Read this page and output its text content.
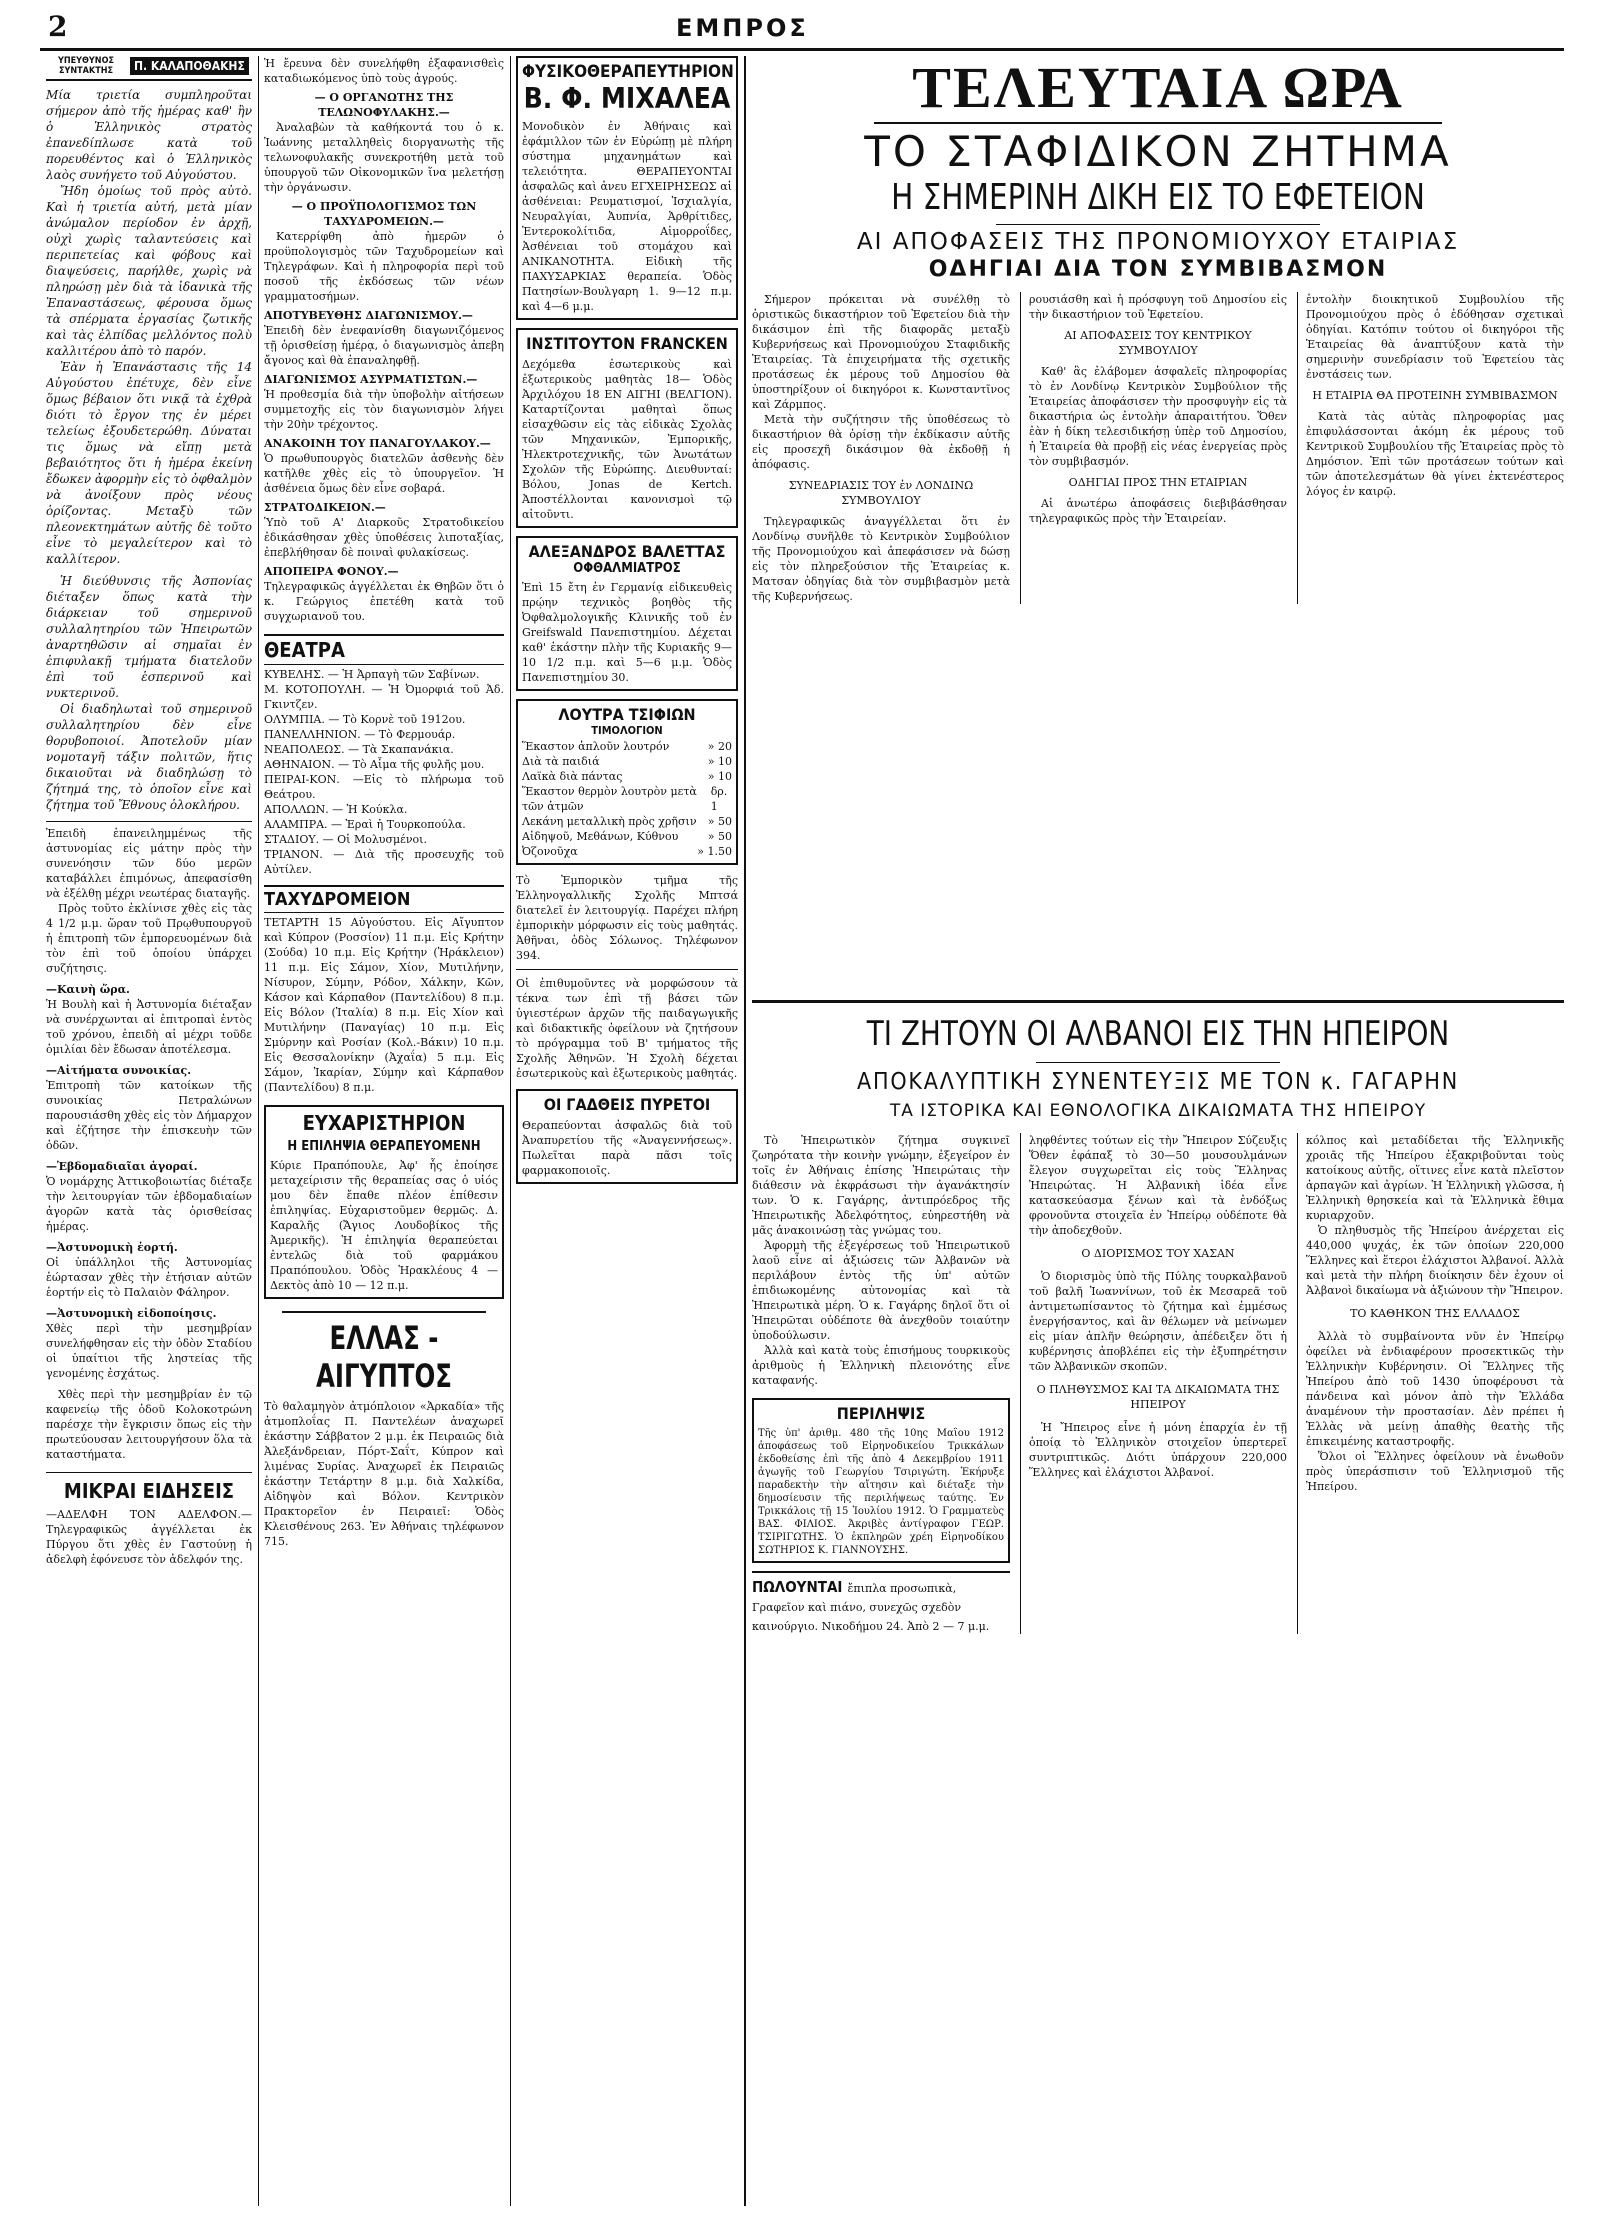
2	ΕΜΠΡΟΣ
ΥΠΕΥΘΥΝΟΣ ΣΥΝΤΑΚΤΗΣ	Π. ΚΑΛΑΠΟΘΑΚΗΣ

Μία τριετία συμπληροῦται σήμερον ἀπὸ τῆς ἡμέρας καθ' ἣν ὁ Ἑλληνικὸς στρατὸς ἐπανεδίπλωσε κατὰ τοῦ πορευθέντος καὶ ὁ Ἑλληνικὸς λαὸς συνήγετο τοῦ Αὐγούστου.

Ἤδη ὁμοίως τοῦ πρὸς αὐτὸ. Καὶ ἡ τριετία αὐτή, μετὰ μίαν ἀνώμαλον περίοδον ἐν ἀρχῇ, οὐχὶ χωρὶς ταλαντεύσεις καὶ περιπετείας καὶ φόβους καὶ διαψεύσεις, παρήλθε, χωρὶς νὰ πληρώσῃ μὲν διὰ τὰ ἰδανικὰ τῆς Ἐπαναστάσεως, φέρουσα ὅμως τὰ σπέρματα ἐργασίας ζωτικῆς καὶ τὰς ἐλπίδας μελλόντος πολὺ καλλιτέρου ἀπὸ τὸ παρόν.

Ἐὰν ἡ Ἐπανάστασις τῆς 14 Αὐγούστου ἐπέτυχε, δὲν εἶνε ὅμως βέβαιον ὅτι νικᾷ τὰ ἐχθρὰ διότι τὸ ἔργον της ἐν μέρει τελείως ἐξουδετερώθη. Δύναται τις ὅμως νὰ εἴπῃ μετὰ βεβαιότητος ὅτι ἡ ἡμέρα ἐκείνη ἔδωκεν ἀφορμὴν εἰς τὸ ὀφθαλμὸν νὰ ἀνοίξουν πρὸς νέους ὁρίζοντας. Μεταξὺ τῶν πλεονεκτημάτων αὐτῆς δὲ τοῦτο εἶνε τὸ μεγαλείτερον καὶ τὸ καλλίτερον.

Ἡ διεύθυνσις τῆς Ἀσπονίας διέταξεν ὅπως κατὰ τὴν διάρκειαν τοῦ σημερινοῦ συλλαλητηρίου τῶν Ἠπειρωτῶν ἀναρτηθῶσιν αἱ σημαῖαι ἐν ἐπιφυλακῇ τμήματα διατελοῦν ἐπὶ τοῦ ἑσπερινοῦ καὶ νυκτερινοῦ.

Οἱ διαδηλωταὶ τοῦ σημερινοῦ συλλαλητηρίου δὲν εἶνε θορυβοποιοί. Ἀποτελοῦν μίαν νομοταγῆ τάξιν πολιτῶν, ἥτις δικαιοῦται νὰ διαδηλώσῃ τὸ ζήτημά της, τὸ ὁποῖον εἶνε καὶ ζήτημα τοῦ Ἔθνους ὁλοκλήρου.

Ἐπειδὴ ἐπανειλημμένως τῆς ἀστυνομίας εἰς μάτην πρὸς τὴν συνενόησιν τῶν δύο μερῶν καταβάλλει ἐπιμόνως, ἀπεφασίσθη νὰ ἐξέλθῃ μέχρι νεωτέρας διαταγῆς.

Πρὸς τοῦτο ἐκλίνισε χθὲς εἰς τὰς 4 1/2 μ.μ. ὥραν τοῦ Πρῳθυπουργοῦ ἡ ἐπιτροπὴ τῶν ἐμπορευομένων διὰ τὸν ἐπὶ τοῦ ὁποίου ὑπάρχει συζήτησις.

—Καινὴ ὥρα.

Ἡ Βουλὴ καὶ ἡ Ἀστυνομία διέταξαν νὰ συνέρχωνται αἱ ἐπιτροπαὶ ἐντὸς τοῦ χρόνου, ἐπειδὴ αἱ μέχρι τοῦδε ὁμιλίαι δὲν ἔδωσαν ἀποτέλεσμα.

—Αἰτήματα συνοικίας.

Ἐπιτροπὴ τῶν κατοίκων τῆς συνοικίας Πετραλώνων παρουσιάσθη χθὲς εἰς τὸν Δήμαρχον καὶ ἐζήτησε τὴν ἐπισκευὴν τῶν ὁδῶν.

—Ἑβδομαδιαῖαι ἀγοραί.

Ὁ νομάρχης Ἀττικοβοιωτίας διέταξε τὴν λειτουργίαν τῶν ἑβδομαδιαίων ἀγορῶν κατὰ τὰς ὁρισθείσας ἡμέρας.

—Ἀστυνομικὴ ἑορτή.

Οἱ ὑπάλληλοι τῆς Ἀστυνομίας ἑώρτασαν χθὲς τὴν ἐτήσιαν αὐτῶν ἑορτήν εἰς τὸ Παλαιὸν Φάληρον.

—Ἀστυνομικὴ εἰδοποίησις.

Χθὲς περὶ τὴν μεσημβρίαν συνελήφθησαν εἰς τὴν ὁδὸν Σταδίου οἱ ὑπαίτιοι τῆς ληστείας τῆς γενομένης ἐσχάτως.

Χθὲς περὶ τὴν μεσημβρίαν ἐν τῷ καφενείῳ τῆς ὁδοῦ Κολοκοτρώνη παρέσχε τὴν ἔγκρισιν ὅπως εἰς τὴν πρωτεύουσαν λειτουργήσουν ὅλα τὰ καταστήματα.

ΜΙΚΡΑΙ ΕΙΔΗΣΕΙΣ

—ΑΔΕΛΦΗ ΤΟΝ ΑΔΕΛΦΟΝ.— Τηλεγραφικῶς ἀγγέλλεται ἐκ Πύργου ὅτι χθὲς ἐν Γαστούνῃ ἡ ἀδελφὴ ἐφόνευσε τὸν ἀδελφόν της.

Ἡ ἔρευνα δὲν συνελήφθη ἐξαφανισθεὶς καταδιωκόμενος ὑπὸ τοὺς ἀγρούς.

— Ο ΟΡΓΑΝΩΤΗΣ ΤΗΣ ΤΕΛΩΝΟΦΥΛΑΚΗΣ.—

Ἀναλαβὼν τὰ καθήκοντά του ὁ κ. Ἰωάννης μεταλληθεὶς διοργανωτὴς τῆς τελωνοφυλακῆς συνεκροτήθη μετὰ τοῦ ὑπουργοῦ τῶν Οἰκονομικῶν ἵνα μελετήσῃ τὴν ὀργάνωσιν.

— Ο ΠΡΟΫΠΟΛΟΓΙΣΜΟΣ ΤΩΝ ΤΑΧΥΔΡΟΜΕΙΩΝ.—

Κατερρίφθη ἀπὸ ἡμερῶν ὁ προϋπολογισμὸς τῶν Ταχυδρομείων καὶ Τηλεγράφων. Καὶ ἡ πληροφορία περὶ τοῦ ποσοῦ τῆς ἐκδόσεως τῶν νέων γραμματοσήμων.

ΑΠΟΤΥΒΕΥΘΗΣ ΔΙΑΓΩΝΙΣΜΟΥ.—

Ἐπειδὴ δὲν ἐνεφανίσθη διαγωνιζόμενος τῇ ὁρισθείσῃ ἡμέρᾳ, ὁ διαγωνισμὸς ἀπεβη ἄγονος καὶ θὰ ἐπαναληφθῇ.

ΔΙΑΓΩΝΙΣΜΟΣ ΑΣΥΡΜΑΤΙΣΤΩΝ.—

Ἡ προθεσμία διὰ τὴν ὑποβολὴν αἰτήσεων συμμετοχῆς εἰς τὸν διαγωνισμὸν λήγει τὴν 20ὴν τρέχοντος.

ΑΝΑΚΟΙΝΗ ΤΟΥ ΠΑΝΑΓΟΥΛΑΚΟΥ.—

Ὁ πρωθυπουργὸς διατελῶν ἀσθενὴς δὲν κατῆλθε χθὲς εἰς τὸ ὑπουργεῖον. Ἡ ἀσθένεια ὅμως δὲν εἶνε σοβαρά.

ΣΤΡΑΤΟΔΙΚΕΙΟΝ.—

Ὑπὸ τοῦ Α' Διαρκοῦς Στρατοδικείου ἐδικάσθησαν χθὲς ὑποθέσεις λιποταξίας, ἐπεβλήθησαν δὲ ποιναὶ φυλακίσεως.

ΑΠΟΠΕΙΡΑ ΦΟΝΟΥ.—

Τηλεγραφικῶς ἀγγέλλεται ἐκ Θηβῶν ὅτι ὁ κ. Γεώργιος ἐπετέθη κατὰ τοῦ συγχωριανοῦ του.

ΘΕΑΤΡΑ
ΚΥΒΕΛΗΣ. — Ἡ Ἀρπαγὴ τῶν Σαβίνων.
Μ. ΚΟΤΟΠΟΥΛΗ. — Ἡ Ὀμορφιά τοῦ Ἀδ. Γκιντζεν.
ΟΛΥΜΠΙΑ. — Τὸ Κορνὲ τοῦ 1912ου.
ΠΑΝΕΛΛΗΝΙΟΝ. — Τὸ Φερμουάρ.
ΝΕΑΠΟΛΕΩΣ. — Τὰ Σκαπανάκια.
ΑΘΗΝΑΙΟΝ. — Τὸ Αἷμα τῆς φυλῆς μου.
ΠΕΙΡΑΙ-ΚΟΝ. —Εἰς τὸ πλήρωμα τοῦ Θεάτρου.
ΑΠΟΛΛΩΝ. — Ἡ Κούκλα.
ΑΛΑΜΠΡΑ. — Ἐραὶ ἡ Τουρκοπούλα.
ΣΤΑΔΙΟΥ. — Οἱ Μολυσμένοι.
ΤΡΙΑΝΟΝ. — Διὰ τῆς προσευχῆς τοῦ Αὐτίλεν.
ΤΑΧΥΔΡΟΜΕΙΟΝ

ΤΕΤΑΡΤΗ 15 Αὐγούστου. Εἰς Αἴγυπτον καὶ Κύπρον (Ροσσίον) 11 π.μ. Εἰς Κρήτην (Σούδα) 10 π.μ. Εἰς Κρήτην (Ἡράκλειον) 11 π.μ. Εἰς Σάμον, Χίον, Μυτιλήνην, Νίσυρον, Σύμην, Ρόδον, Χάλκην, Κῶν, Κάσον καὶ Κάρπαθον (Παντελίδου) 8 π.μ. Εἰς Βόλον (Ἰταλία) 8 π.μ. Εἰς Χίον καὶ Μυτιλήνην (Παναγίας) 10 π.μ. Εἰς Σμύρνην καὶ Ροσίαν (Κολ.-Βάκιν) 10 π.μ. Εἰς Θεσσαλονίκην (Ἀχαΐα) 5 π.μ. Εἰς Σάμον, Ἰκαρίαν, Σύμην καὶ Κάρπαθον (Παντελίδου) 8 π.μ.

ΕΥΧΑΡΙΣΤΗΡΙΟΝ
Η ΕΠΙΛΗΨΙΑ ΘΕΡΑΠΕΥΟΜΕΝΗ

Κύριε Πραπόπουλε, Ἀφ' ἧς ἐποίησε μεταχείρισιν τῆς θεραπείας σας ὁ υἱός μου δὲν ἔπαθε πλέον ἐπίθεσιν ἐπιληψίας. Εὐχαριστοῦμεν θερμῶς. Δ. Καραλῆς (Ἄγιος Λουδοβίκος τῆς Ἀμερικῆς). Ἡ ἐπιληψία θεραπεύεται ἐντελῶς διὰ τοῦ φαρμάκου Πραπόπουλου. Ὁδὸς Ἡρακλέους 4 — Δεκτὸς ἀπὸ 10 — 12 π.μ.

ΕΛΛΑΣ - ΑΙΓΥΠΤΟΣ

Τὸ θαλαμηγὸν ἀτμόπλοιον «Ἀρκαδία» τῆς ἀτμοπλοΐας Π. Παντελέων ἀναχωρεῖ ἑκάστην Σάββατον 2 μ.μ. ἐκ Πειραιῶς διὰ Ἀλεξάνδρειαν, Πόρτ-Σαΐτ, Κύπρον καὶ λιμένας Συρίας. Ἀναχωρεῖ ἐκ Πειραιῶς ἑκάστην Τετάρτην 8 μ.μ. διὰ Χαλκίδα, Αἰδηψὸν καὶ Βόλον. Κεντρικὸν Πρακτορεῖον ἐν Πειραιεῖ: Ὁδὸς Κλεισθένους 263. Ἐν Ἀθήναις τηλέφωνον 715.

ΦΥΣΙΚΟΘΕΡΑΠΕΥΤΗΡΙΟΝ
Β. Φ. ΜΙΧΑΛΕΑ

Μονοδικὸν ἐν Ἀθήναις καὶ ἐφάμιλλον τῶν ἐν Εὐρώπῃ μὲ πλήρη σύστημα μηχανημάτων καὶ τελειότητα. ΘΕΡΑΠΕΥΟΝΤΑΙ ἀσφαλῶς καὶ ἀνευ ΕΓΧΕΙΡΗΣΕΩΣ αἱ ἀσθένειαι: Ρευματισμοί, Ἰσχιαλγία, Νευραλγίαι, Ἀυπνία, Ἀρθρίτιδες, Ἐντεροκολίτιδα, Αἱμορροΐδες, Ἀσθένειαι τοῦ στομάχου καὶ ΑΝΙΚΑΝΟΤΗΤΑ. Εἰδικὴ τῆς ΠΑΧΥΣΑΡΚΙΑΣ θεραπεία. Ὁδὸς Πατησίων-Βουλγαρη 1. 9—12 π.μ. καὶ 4—6 μ.μ.

ΙΝΣΤΙΤΟΥΤΟΝ FRANCKEN

Δεχόμεθα ἐσωτερικοὺς καὶ ἐξωτερικοὺς μαθητὰς 18— Ὁδὸς Ἀρχιλόχου 18 ΕΝ ΑΙΓΗΙ (ΒΕΛΓΙΟΝ). Καταρτίζονται μαθηταὶ ὅπως εἰσαχθῶσιν εἰς τὰς εἰδικὰς Σχολὰς τῶν Μηχανικῶν, Ἐμπορικῆς, Ἠλεκτροτεχνικῆς, τῶν Ἀνωτάτων Σχολῶν τῆς Εὐρώπης. Διευθυνταί: Βόλου, Jonas de Kertch. Ἀποστέλλονται κανονισμοὶ τῷ αἰτοῦντι.

ΑΛΕΞΑΝΔΡΟΣ ΒΑΛΕΤΤΑΣ
ΟΦΘΑΛΜΙΑΤΡΟΣ

Ἐπὶ 15 ἔτη ἐν Γερμανίᾳ εἰδικευθεὶς πρῴην τεχνικὸς βοηθὸς τῆς Ὀφθαλμολογικῆς Κλινικῆς τοῦ ἐν Greifswald Πανεπιστημίου. Δέχεται καθ' ἑκάστην πλὴν τῆς Κυριακῆς 9—10 1/2 π.μ. καὶ 5—6 μ.μ. Ὁδὸς Πανεπιστημίου 30.

ΛΟΥΤΡΑ ΤΣΙΦΙΩΝ
ΤΙΜΟΛΟΓΙΟΝ
Ἕκαστον ἁπλοῦν λουτρόν	» 20
Διὰ τὰ παιδιά	» 10
Λαϊκὰ διὰ πάντας	» 10
Ἕκαστον θερμὸν λουτρὸν μετὰ τῶν ἀτμῶν
δρ. 1
Λεκάνη μεταλλικὴ πρὸς χρῆσιν » 50
Αἰδηψοῦ, Μεθάνων, Κύθνου	» 50
Ὀζονοῦχα	» 1.50

Τὸ Ἐμπορικὸν τμῆμα τῆς Ἑλληνογαλλικῆς Σχολῆς Μπτσά διατελεῖ ἐν λειτουργίᾳ. Παρέχει πλήρη ἐμπορικὴν μόρφωσιν εἰς τοὺς μαθητάς. Ἀθῆναι, ὁδὸς Σόλωνος. Τηλέφωνον 394.

Οἱ ἐπιθυμοῦντες νὰ μορφώσουν τὰ τέκνα των ἐπὶ τῇ βάσει τῶν ὑγιεστέρων ἀρχῶν τῆς παιδαγωγικῆς καὶ διδακτικῆς ὀφείλουν νὰ ζητήσουν τὸ πρόγραμμα τοῦ Β' τμήματος τῆς Σχολῆς Ἀθηνῶν. Ἡ Σχολὴ δέχεται ἐσωτερικοὺς καὶ ἐξωτερικοὺς μαθητάς.

ΟΙ ΓΑΔΘΕΙΣ ΠΥΡΕΤΟΙ

Θεραπεύονται ἀσφαλῶς διὰ τοῦ Ἀναπυρετίου τῆς «Ἀναγεννήσεως». Πωλεῖται παρὰ πᾶσι τοῖς φαρμακοποιοῖς.

ΤΕΛΕΥΤΑΙΑ ΩΡΑ
ΤΟ ΣΤΑΦΙΔΙΚΟΝ ΖΗΤΗΜΑ
Η ΣΗΜΕΡΙΝΗ ΔΙΚΗ ΕΙΣ ΤΟ ΕΦΕΤΕΙΟΝ
ΑΙ ΑΠΟΦΑΣΕΙΣ ΤΗΣ ΠΡΟΝΟΜΙΟΥΧΟΥ ΕΤΑΙΡΙΑΣ
ΟΔΗΓΙΑΙ ΔΙΑ ΤΟΝ ΣΥΜΒΙΒΑΣΜΟΝ

Σήμερον πρόκειται νὰ συνέλθῃ τὸ ὁριστικῶς δικαστήριον τοῦ Ἐφετείου διὰ τὴν δικάσιμον ἐπὶ τῆς διαφορᾶς μεταξὺ Κυβερνήσεως καὶ Προνομιούχου Σταφιδικῆς Ἑταιρείας. Τὰ ἐπιχειρήματα τῆς σχετικῆς προτάσεως ἐκ μέρους τοῦ Δημοσίου θὰ ὑποστηρίξουν οἱ δικηγόροι κ. Κωνσταντῖνος καὶ Ζάρμπος.

Μετὰ τὴν συζήτησιν τῆς ὑποθέσεως τὸ δικαστήριον θὰ ὁρίσῃ τὴν ἐκδίκασιν αὐτῆς εἰς προσεχῆ δικάσιμον θὰ ἐκδοθῇ ἡ ἀπόφασις.

ΣΥΝΕΔΡΙΑΣΙΣ ΤΟΥ ἐν ΛΟΝΔΙΝΩ ΣΥΜΒΟΥΛΙΟΥ

Τηλεγραφικῶς ἀναγγέλλεται ὅτι ἐν Λονδίνῳ συνῆλθε τὸ Κεντρικὸν Συμβούλιον τῆς Προνομιούχου καὶ ἀπεφάσισεν νὰ δώσῃ εἰς τὸν πληρεξούσιον τῆς Ἑταιρείας κ. Ματσαν ὁδηγίας διὰ τὸν συμβιβασμὸν μετὰ τῆς Κυβερνήσεως.

ρουσιάσθη καὶ ἡ πρόσφυγη τοῦ Δημοσίου εἰς τὴν δικαστήριον τοῦ Ἐφετείου.

ΑΙ ΑΠΟΦΑΣΕΙΣ ΤΟΥ ΚΕΝΤΡΙΚΟΥ ΣΥΜΒΟΥΛΙΟΥ

Καθ' ἃς ἐλάβομεν ἀσφαλεῖς πληροφορίας τὸ ἐν Λονδίνῳ Κεντρικὸν Συμβούλιον τῆς Ἑταιρείας ἀποφάσισεν τὴν προσφυγὴν εἰς τὰ δικαστήρια ὡς ἐντολὴν ἀπαραιτήτου. Ὅθεν ἐὰν ἡ δίκη τελεσιδικήσῃ ὑπὲρ τοῦ Δημοσίου, ἡ Ἑταιρεία θὰ προβῇ εἰς νέας ἐνεργείας πρὸς τὸν συμβιβασμόν.

ΟΔΗΓΙΑΙ ΠΡΟΣ ΤΗΝ ΕΤΑΙΡΙΑΝ

Αἱ ἀνωτέρω ἀποφάσεις διεβιβάσθησαν τηλεγραφικῶς πρὸς τὴν Ἑταιρείαν.

ἐντολὴν διοικητικοῦ Συμβουλίου τῆς Προνομιούχου πρὸς ὁ ἐδόθησαν σχετικαὶ ὁδηγίαι. Κατόπιν τούτου οἱ δικηγόροι τῆς Ἑταιρείας θὰ ἀναπτύξουν κατὰ τὴν σημερινὴν συνεδρίασιν τοῦ Ἐφετείου τὰς ἐνστάσεις των.

Η ΕΤΑΙΡΙΑ ΘΑ ΠΡΟΤΕΙΝΗ ΣΥΜΒΙΒΑΣΜΟΝ

Κατὰ τὰς αὐτὰς πληροφορίας μας ἐπιφυλάσσονται ἀκόμη ἐκ μέρους τοῦ Κεντρικοῦ Συμβουλίου τῆς Ἑταιρείας πρὸς τὸ Δημόσιον. Ἐπὶ τῶν προτάσεων τούτων καὶ τῶν ἀποτελεσμάτων θὰ γίνει ἐκτενέστερος λόγος ἐν καιρῷ.

ΤΙ ΖΗΤΟΥΝ ΟΙ ΑΛΒΑΝΟΙ ΕΙΣ ΤΗΝ ΗΠΕΙΡΟΝ
ΑΠΟΚΑΛΥΠΤΙΚΗ ΣΥΝΕΝΤΕΥΞΙΣ ΜΕ ΤΟΝ κ. ΓΑΓΑΡΗΝ
ΤΑ ΙΣΤΟΡΙΚΑ ΚΑΙ ΕΘΝΟΛΟΓΙΚΑ ΔΙΚΑΙΩΜΑΤΑ ΤΗΣ ΗΠΕΙΡΟΥ

Τὸ Ἠπειρωτικὸν ζήτημα συγκινεῖ ζωηρότατα τὴν κοινὴν γνώμην, ἐξεγείρον ἐν τοῖς ἐν Ἀθήναις ἐπίσης Ἠπειρώταις τὴν διάθεσιν νὰ ἐκφράσωσι τὴν ἀγανάκτησίν των. Ὁ κ. Γαγάρης, ἀντιπρόεδρος τῆς Ἠπειρωτικῆς Ἀδελφότητος, εὐηρεστήθη νὰ μᾶς ἀνακοινώσῃ τὰς γνώμας του.

Ἀφορμὴ τῆς ἐξεγέρσεως τοῦ Ἠπειρωτικοῦ λαοῦ εἶνε αἱ ἀξιώσεις τῶν Ἀλβανῶν νὰ περιλάβουν ἐντὸς τῆς ὑπ' αὐτῶν ἐπιδιωκομένης αὐτονομίας καὶ τὰ Ἠπειρωτικὰ μέρη. Ὁ κ. Γαγάρης δηλοῖ ὅτι οἱ Ἠπειρῶται οὐδέποτε θὰ ἀνεχθοῦν τοιαύτην ὑποδούλωσιν.

Ἀλλὰ καὶ κατὰ τοὺς ἐπισήμους τουρκικοὺς ἀριθμοὺς ἡ Ἑλληνικὴ πλειονότης εἶνε καταφανής.

ΠΕΡΙΛΗΨΙΣ

Τῆς ὑπ' ἀριθμ. 480 τῆς 10ης Μαΐου 1912 ἀποφάσεως τοῦ Εἰρηνοδικείου Τρικκάλων ἐκδοθείσης ἐπὶ τῆς ἀπὸ 4 Δεκεμβρίου 1911 ἀγωγῆς τοῦ Γεωργίου Τσιριγώτη. Ἐκήρυξε παραδεκτὴν τὴν αἴτησιν καὶ διέταξε τὴν δημοσίευσιν τῆς περιλήψεως ταύτης. Ἐν Τρικκάλοις τῇ 15 Ἰουλίου 1912. Ὁ Γραμματεὺς ΒΑΣ. ΦΙΛΙΟΣ. Ἀκριβὲς ἀντίγραφον ΓΕΩΡ. ΤΣΙΡΙΓΩΤΗΣ. Ὁ ἐκπληρῶν χρέη Εἰρηνοδίκου ΣΩΤΗΡΙΟΣ Κ. ΓΙΑΝΝΟΥΣΗΣ.

ΠΩΛΟΥΝΤΑΙ ἔπιπλα προσωπικὰ, Γραφεῖον καὶ πιάνο, συνεχῶς σχεδὸν καινούργιο. Νικοδήμου 24. Ἀπὸ 2 — 7 μ.μ.

ληφθέντες τούτων εἰς τὴν Ἤπειρον Σύζευξις Ὅθεν ἐφάπαξ τὸ 30—50 μουσουλμάνων ἔλεγον συγχωρεῖται εἰς τοὺς Ἕλληνας Ἠπειρώτας. Ἡ Ἀλβανικὴ ἰδέα εἶνε κατασκεύασμα ξένων καὶ τὰ ἐνδόξως φρονοῦντα στοιχεῖα ἐν Ἠπείρῳ οὐδέποτε θὰ τὴν ἀποδεχθοῦν.

Ο ΔΙΟΡΙΣΜΟΣ ΤΟΥ ΧΑΣΑΝ

Ὁ διορισμὸς ὑπὸ τῆς Πύλης τουρκαλβανοῦ τοῦ βαλῆ Ἰωαννίνων, τοῦ ἐκ Μεσαρεᾶ τοῦ ἀντιμετωπίσαντος τὸ ζήτημα καὶ ἐμμέσως ἐνεργήσαντος, καὶ ἂν θέλωμεν νὰ μείνωμεν εἰς μίαν ἀπλῆν θεώρησιν, ἀπέδειξεν ὅτι ἡ κυβέρνησις ἀποβλέπει εἰς τὴν ἐξυπηρέτησιν τῶν Ἀλβανικῶν σκοπῶν.

Ο ΠΛΗΘΥΣΜΟΣ ΚΑΙ ΤΑ ΔΙΚΑΙΩΜΑΤΑ ΤΗΣ ΗΠΕΙΡΟΥ

Ἡ Ἤπειρος εἶνε ἡ μόνη ἐπαρχία ἐν τῇ ὁποίᾳ τὸ Ἑλληνικὸν στοιχεῖον ὑπερτερεῖ συντριπτικῶς. Διότι ὑπάρχουν 220,000 Ἕλληνες καὶ ἐλάχιστοι Ἀλβανοί.

κόλπος καὶ μεταδίδεται τῆς Ἑλληνικῆς χροιᾶς τῆς Ἠπείρου ἐξακριβοῦνται τοὺς κατοίκους αὐτῆς, οἵτινες εἶνε κατὰ πλεῖστον ἀρπαγῶν καὶ ἀγρίων. Ἡ Ἑλληνικὴ γλῶσσα, ἡ Ἑλληνικὴ θρησκεία καὶ τὰ Ἑλληνικὰ ἔθιμα κυριαρχοῦν.

Ὁ πληθυσμὸς τῆς Ἠπείρου ἀνέρχεται εἰς 440,000 ψυχάς, ἐκ τῶν ὁποίων 220,000 Ἕλληνες καὶ ἕτεροι ἐλάχιστοι Ἀλβανοί. Ἀλλὰ καὶ μετὰ τὴν πλήρη διοίκησιν δὲν ἐχουν οἱ Ἀλβανοὶ δικαίωμα νὰ ἀξιώνουν τὴν Ἤπειρον.

ΤΟ ΚΑΘΗΚΟΝ ΤΗΣ ΕΛΛΑΔΟΣ

Ἀλλὰ τὸ συμβαίνοντα νῦν ἐν Ἠπείρῳ ὀφείλει νὰ ἐνδιαφέρουν προσεκτικῶς τὴν Ἑλληνικὴν Κυβέρνησιν. Οἱ Ἕλληνες τῆς Ἠπείρου ἀπὸ τοῦ 1430 ὑποφέρουσι τὰ πάνδεινα καὶ μόνον ἀπὸ τὴν Ἑλλάδα ἀναμένουν τὴν προστασίαν. Δὲν πρέπει ἡ Ἑλλὰς νὰ μείνῃ ἀπαθὴς θεατὴς τῆς ἐπικειμένης καταστροφῆς.

Ὅλοι οἱ Ἕλληνες ὀφείλουν νὰ ἐνωθοῦν πρὸς ὑπεράσπισιν τοῦ Ἑλληνισμοῦ τῆς Ἠπείρου.
